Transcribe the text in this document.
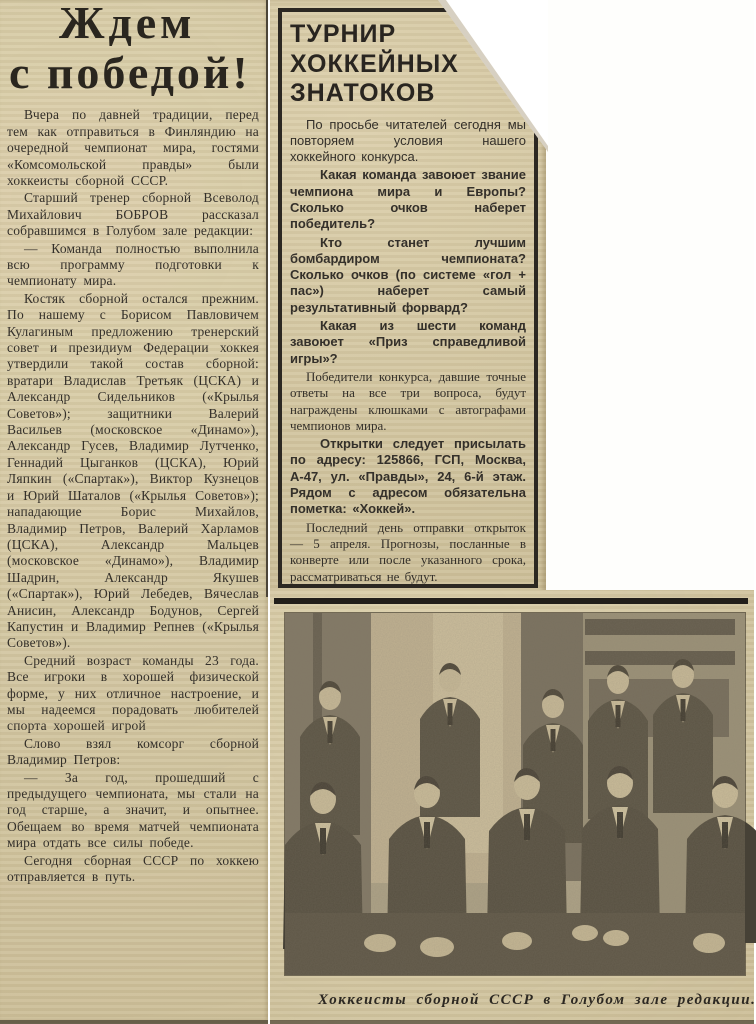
Ждем
с победой!

Вчера по давней традиции, перед тем как отправиться в Финляндию на очередной чемпионат мира, гостями «Комсомольской правды» были хоккеисты сборной СССР.

Старший тренер сборной Всеволод Михайлович БОБРОВ рассказал собравшимся в Голубом зале редакции:

— Команда полностью выполнила всю программу подготовки к чемпионату мира.

Костяк сборной остался прежним. По нашему с Борисом Павловичем Кулагиным предложению тренерский совет и президиум Федерации хоккея утвердили такой состав сборной: вратари Владислав Третьяк (ЦСКА) и Александр Сидельников («Крылья Советов»); защитники Валерий Васильев (московское «Динамо»), Александр Гусев, Владимир Лутченко, Геннадий Цыганков (ЦСКА), Юрий Ляпкин («Спартак»), Виктор Кузнецов и Юрий Шаталов («Крылья Советов»); нападающие Борис Михайлов, Владимир Петров, Валерий Харламов (ЦСКА), Александр Мальцев (московское «Динамо»), Владимир Шадрин, Александр Якушев («Спартак»), Юрий Лебедев, Вячеслав Анисин, Александр Бодунов, Сергей Капустин и Владимир Репнев («Крылья Советов»).

Средний возраст команды 23 года. Все игроки в хорошей физической форме, у них отличное настроение, и мы надеемся порадовать любителей спорта хорошей игрой

Слово взял комсорг сборной Владимир Петров:

— За год, прошедший с предыдущего чемпионата, мы стали на год старше, а значит, и опытнее. Обещаем во время матчей чемпионата мира отдать все силы победе.

Сегодня сборная СССР по хоккею отправляется в путь.

ТУРНИР ХОККЕЙНЫХ
ЗНАТОКОВ

По просьбе читателей сегодня мы повторяем условия нашего хоккейного конкурса.

Какая команда завоюет звание чемпиона мира и Европы? Сколько очков наберет победитель?

Кто станет лучшим бомбардиром чемпионата? Сколько очков (по системе «гол + пас») наберет самый результативный форвард?

Какая из шести команд завоюет «Приз справедливой игры»?

Победители конкурса, давшие точные ответы на все три вопроса, будут награждены клюшками с автографами чемпионов мира.

Открытки следует присылать по адресу: 125866, ГСП, Москва, А-47, ул. «Правды», 24, 6-й этаж. Рядом с адресом обязательна пометка: «Хоккей».

Последний день отправки открыток — 5 апреля. Прогнозы, посланные в конверте или после указанного срока, рассматриваться не будут.

Хоккеисты сборной СССР в Голубом зале редакции.
